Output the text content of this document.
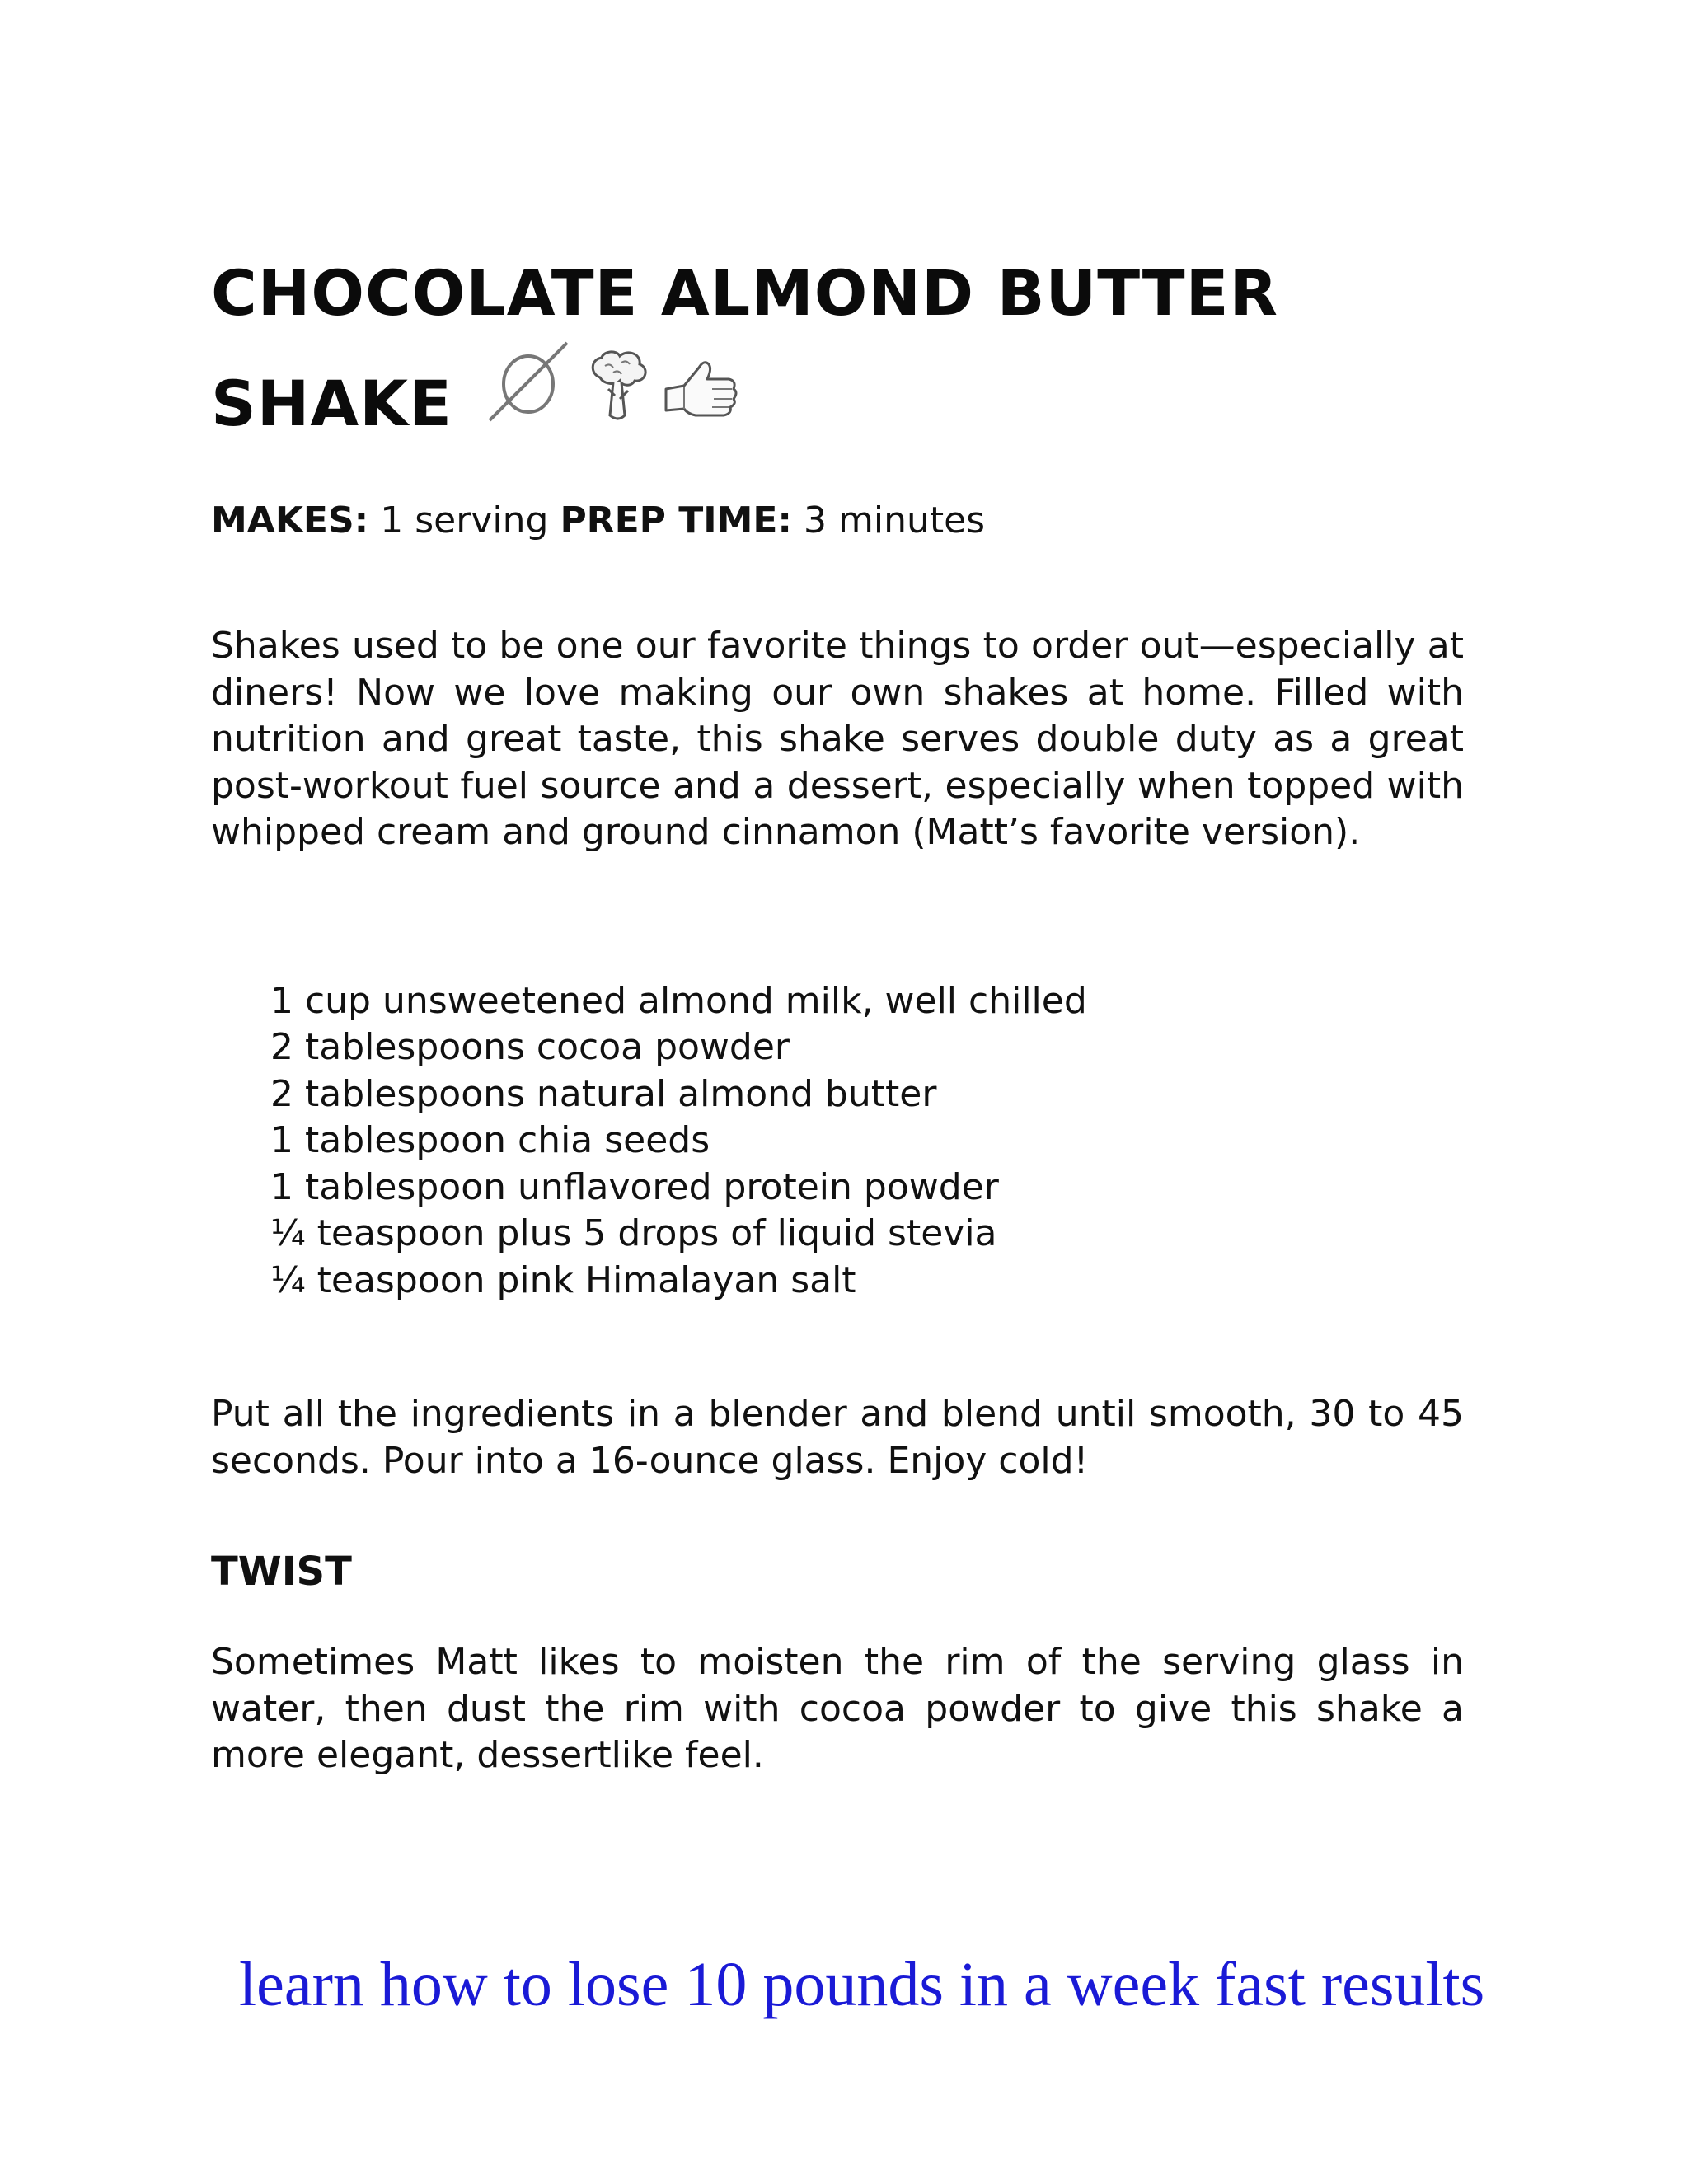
CHOCOLATE ALMOND BUTTER
SHAKE
MAKES: 1 serving PREP TIME: 3 minutes

Shakes used to be one our favorite things to order out—especially at diners! Now we love making our own shakes at home. Filled with nutrition and great taste, this shake serves double duty as a great post-workout fuel source and a dessert, especially when topped with whipped cream and ground cinnamon (Matt’s favorite version).

1 cup unsweetened almond milk, well chilled
2 tablespoons cocoa powder
2 tablespoons natural almond butter
1 tablespoon chia seeds
1 tablespoon unflavored protein powder
¼ teaspoon plus 5 drops of liquid stevia
¼ teaspoon pink Himalayan salt

Put all the ingredients in a blender and blend until smooth, 30 to 45 seconds. Pour into a 16-ounce glass. Enjoy cold!

TWIST

Sometimes Matt likes to moisten the rim of the serving glass in water, then dust the rim with cocoa powder to give this shake a more elegant, dessertlike feel.

learn how to lose 10 pounds in a week fast results
